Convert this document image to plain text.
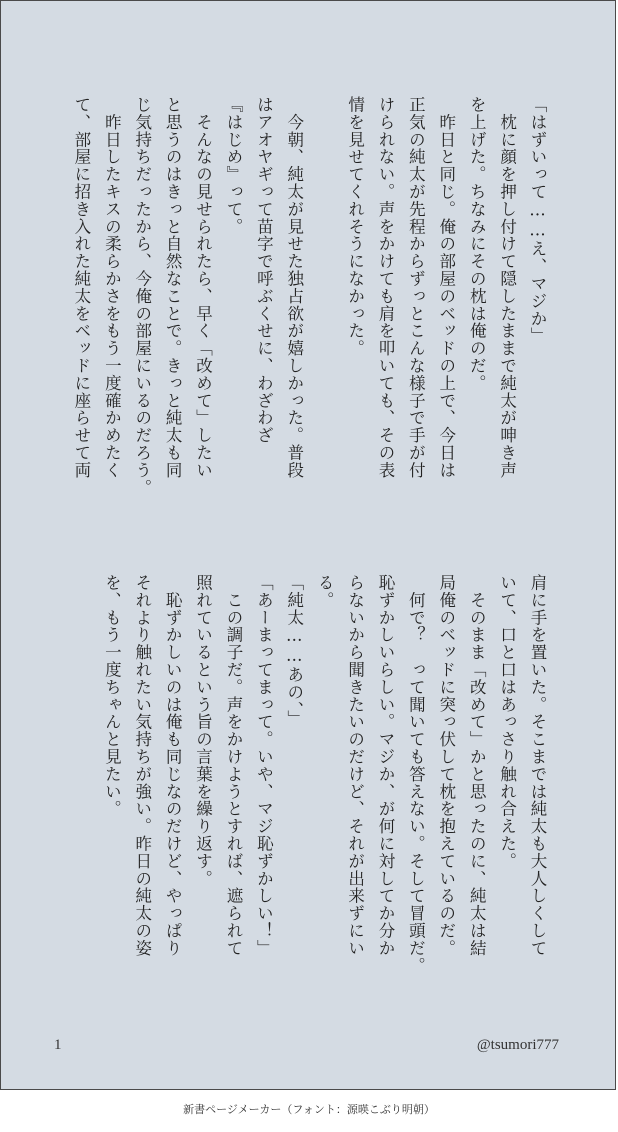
「はずいって……え、マジか」
　枕に顔を押し付けて隠したままで純太が呻き声
を上げた。ちなみにその枕は俺のだ。
　昨日と同じ。俺の部屋のベッドの上で、今日は
正気の純太が先程からずっとこんな様子で手が付
けられない。声をかけても肩を叩いても、その表
情を見せてくれそうになかった。
　今朝、純太が見せた独占欲が嬉しかった。普段
はアオヤギって苗字で呼ぶくせに、わざわざ
『はじめ』って。
　そんなの見せられたら、早く「改めて」したい
と思うのはきっと自然なことで。きっと純太も同
じ気持ちだったから、今俺の部屋にいるのだろう。
　昨日したキスの柔らかさをもう一度確かめたく
て、部屋に招き入れた純太をベッドに座らせて両
肩に手を置いた。そこまでは純太も大人しくして
いて、口と口はあっさり触れ合えた。
　そのまま「改めて」かと思ったのに、純太は結
局俺のベッドに突っ伏して枕を抱えているのだ。
　何で？　って聞いても答えない。そして冒頭だ。
恥ずかしいらしい。マジか、が何に対してか分か
らないから聞きたいのだけど、それが出来ずにい
る。
「純太……あの、」
「あーまってまって。いや、マジ恥ずかしい！」
　この調子だ。声をかけようとすれば、遮られて
照れているという旨の言葉を繰り返す。
　恥ずかしいのは俺も同じなのだけど、やっぱり
それより触れたい気持ちが強い。昨日の純太の姿
を、もう一度ちゃんと見たい。
1	@tsumori777
新書ページメーカー（フォント：源暎こぶり明朝）
